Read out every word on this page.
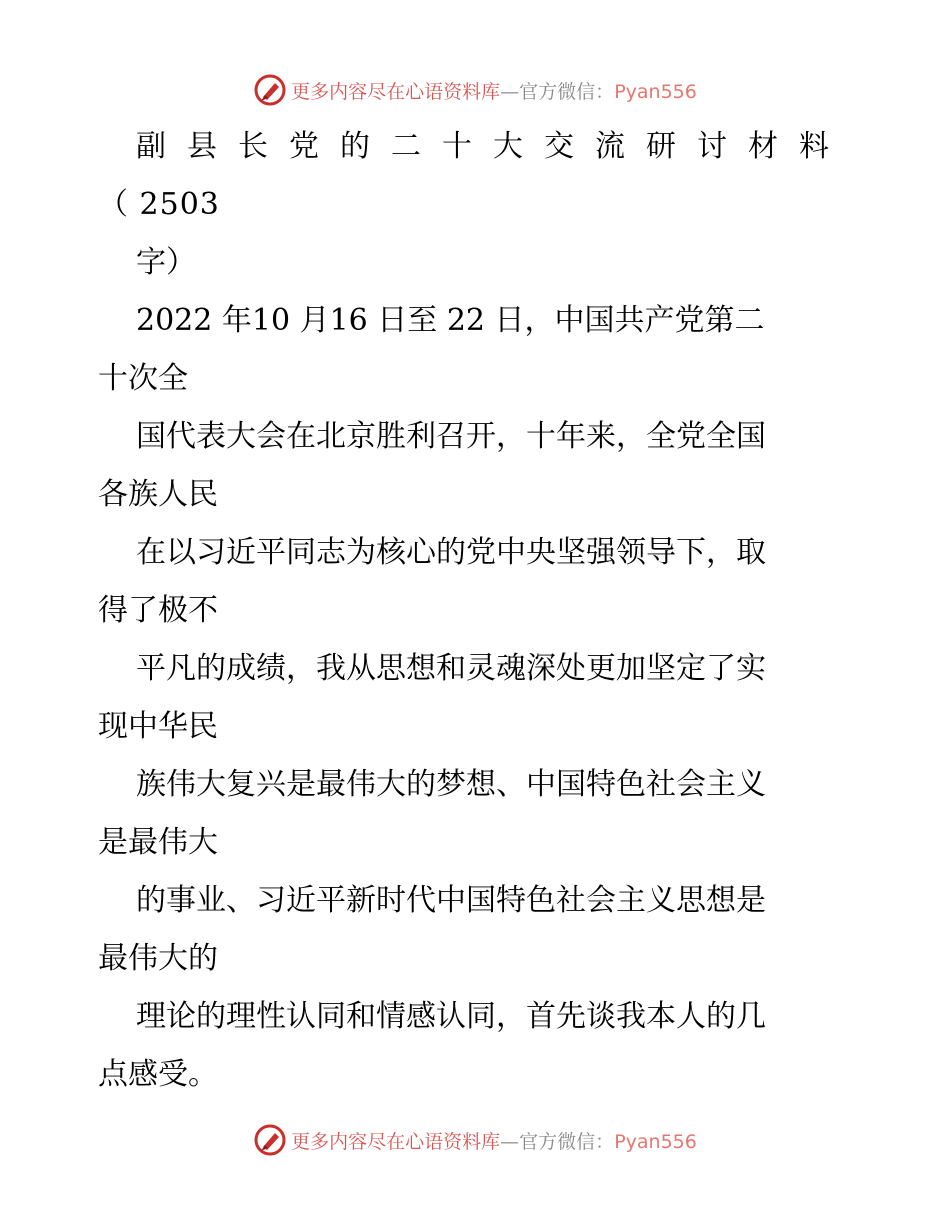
更多内容尽在心语资料库—官方微信：Pyan556
副县长党的二十大交流研讨材料
（ 2503
字）
2022 年10 月16 日至 22 日，中国共产党第二
十次全
国代表大会在北京胜利召开，十年来，全党全国
各族人民
在以习近平同志为核心的党中央坚强领导下，取
得了极不
平凡的成绩，我从思想和灵魂深处更加坚定了实
现中华民
族伟大复兴是最伟大的梦想、中国特色社会主义
是最伟大
的事业、习近平新时代中国特色社会主义思想是
最伟大的
理论的理性认同和情感认同，首先谈我本人的几
点感受。
更多内容尽在心语资料库—官方微信：Pyan556
